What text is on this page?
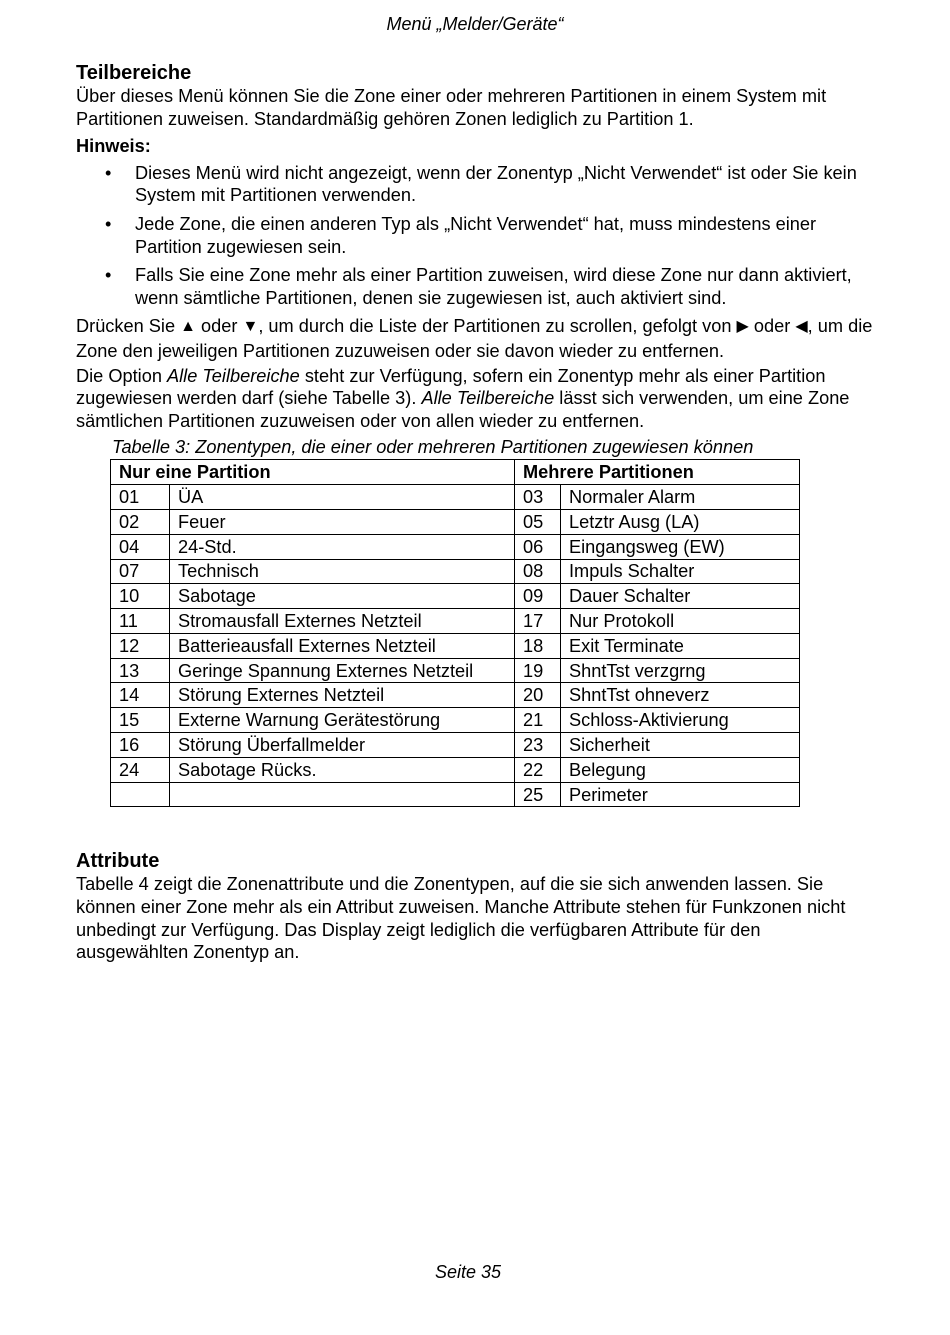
Menü „Melder/Geräte“
Teilbereiche

Über dieses Menü können Sie die Zone einer oder mehreren Partitionen in einem System mit Partitionen zuweisen. Standardmäßig gehören Zonen lediglich zu Partition 1.

Hinweis:

• Dieses Menü wird nicht angezeigt, wenn der Zonentyp „Nicht Verwendet“ ist oder Sie kein System mit Partitionen verwenden.
• Jede Zone, die einen anderen Typ als „Nicht Verwendet“ hat, muss mindestens einer Partition zugewiesen sein.
• Falls Sie eine Zone mehr als einer Partition zuweisen, wird diese Zone nur dann aktiviert, wenn sämtliche Partitionen, denen sie zugewiesen ist, auch aktiviert sind.

Drücken Sie ▲ oder ▼, um durch die Liste der Partitionen zu scrollen, gefolgt von ▶ oder ◀, um die Zone den jeweiligen Partitionen zuzuweisen oder sie davon wieder zu entfernen.

Die Option Alle Teilbereiche steht zur Verfügung, sofern ein Zonentyp mehr als einer Partition zugewiesen werden darf (siehe Tabelle 3). Alle Teilbereiche lässt sich verwenden, um eine Zone sämtlichen Partitionen zuzuweisen oder von allen wieder zu entfernen.

Tabelle 3: Zonentypen, die einer oder mehreren Partitionen zugewiesen können

Nur eine Partition		Mehrere Partitionen	
01	ÜA	03	Normaler Alarm
02	Feuer	05	Letztr Ausg (LA)
04	24-Std.	06	Eingangsweg (EW)
07	Technisch	08	Impuls Schalter
10	Sabotage	09	Dauer Schalter
11	Stromausfall Externes Netzteil	17	Nur Protokoll
12	Batterieausfall Externes Netzteil	18	Exit Terminate
13	Geringe Spannung Externes Netzteil	19	ShntTst verzgrng
14	Störung Externes Netzteil	20	ShntTst ohneverz
15	Externe Warnung Gerätestörung	21	Schloss-Aktivierung
16	Störung Überfallmelder	23	Sicherheit
24	Sabotage Rücks.	22	Belegung
		25	Perimeter
Attribute

Tabelle 4 zeigt die Zonenattribute und die Zonentypen, auf die sie sich anwenden lassen. Sie können einer Zone mehr als ein Attribut zuweisen. Manche Attribute stehen für Funkzonen nicht unbedingt zur Verfügung. Das Display zeigt lediglich die verfügbaren Attribute für den ausgewählten Zonentyp an.

Seite 35
